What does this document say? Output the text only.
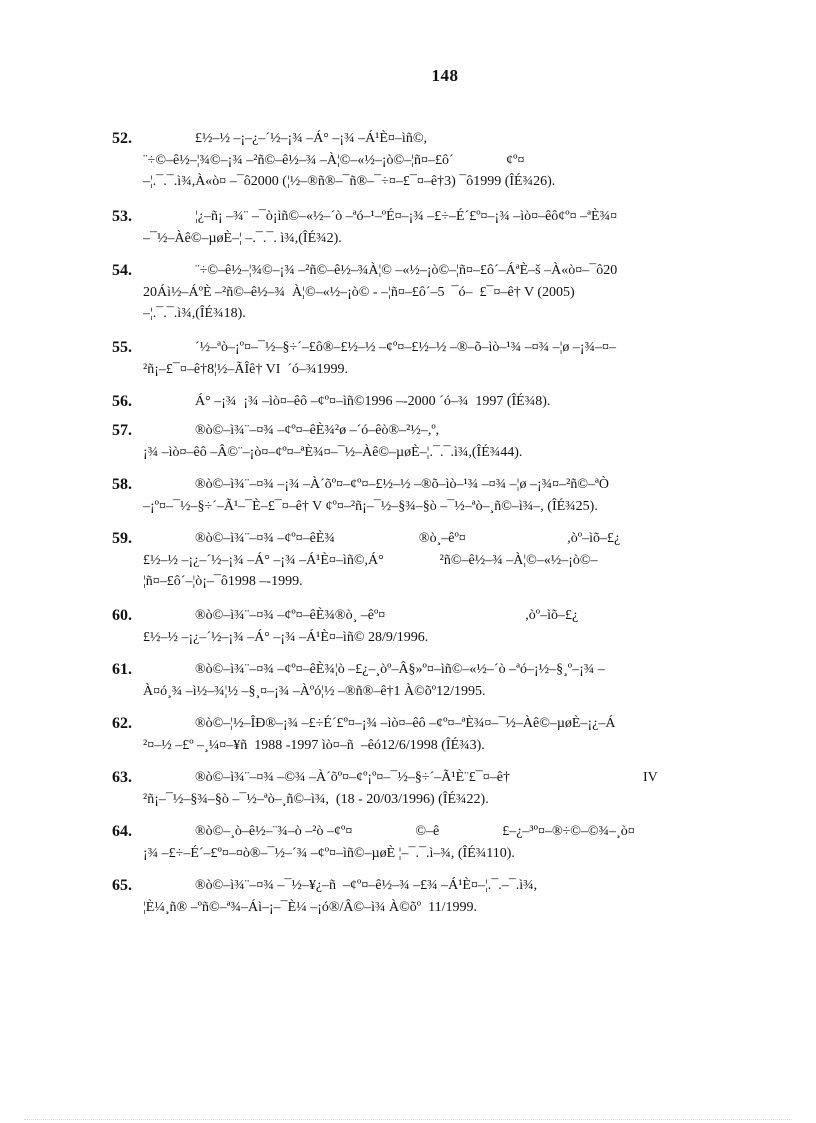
148
52.	£½–½ –¡–¿–´½–¡¾ –Á° –¡¾ –Á¹È¤–ìñ©,
¨÷©–ê½–¦¾©–¡¾ –²ñ©–ê½–¾ –À¦©–«½–¡ò©–¦ñ¤–£ô´               ¢º¤
–¦.¯.¯.ì¾,À«ò¤ –¯ô2000 (¦½–®ñ®–¯ñ®–¯÷¤–£¯¤–ê†3) ¯ô1999 (ÎÉ¾26).
53.	¦¿–ñ¡ –¾¨ –¯ò¡ìñ©–«½–´ò –ªó–¹–ºÉ¤–¡¾ –£÷–É´£º¤–¡¾ –ìò¤–êô¢º¤ –ªÈ¾¤
–¯½–Àê©–µøÈ–¦ –.¯.¯. ì¾,(ÎÉ¾2).
54.	¨÷©–ê½–¦¾©–¡¾ –²ñ©–ê½–¾À¦© –«½–¡ò©–¦ñ¤–£ô´–ÁªÈ–š –À«ò¤–¯ô20
20Áì½–ÁºÈ –²ñ©–ê½–¾  À¦©–«½–¡ò© - –¦ñ¤–£ô´–5  ¯ó–  £¯¤–ê† V (2005)
–¦.¯.¯.ì¾,(ÎÉ¾18).
55.	´½–ªò–¡º¤–¯½–§÷´–£ô®–£½–½ –¢º¤–£½–½ –®–õ–ìò–¹¾ –¤¾ –¦ø –¡¾–¤–
²ñ¡–£¯¤–ê†8¦½–ÃÎê† VI  ´ó–¾1999.
56.	Á° –¡¾  ¡¾ –ìò¤–êô –¢º¤–ìñ©1996 –-2000 ´ó–¾  1997 (ÎÉ¾8).
57.	®ò©–ì¾¨–¤¾ –¢º¤–êÈ¾²ø –´ó–êò®–²½–,º,
¡¾ –ìò¤–êô –Â©¨–¡ò¤–¢º¤–ªÈ¾¤–¯½–Àê©–µøÈ–¦.¯.¯.ì¾,(ÎÉ¾44).
58.	®ò©–ì¾¨–¤¾ –¡¾ –À´õº¤–¢º¤–£½–½ –®õ–ìò–¹¾ –¤¾ –¦ø –¡¾¤–²ñ©–ªÒ
–¡º¤–¯½–§÷´–Ã¹–¯È–£¯¤–ê† V ¢º¤–²ñ¡–¯½–§¾–§ò –¯½–ªò–¸ñ©–ì¾–, (ÎÉ¾25).
59.	®ò©–ì¾¨–¤¾ –¢º¤–êÈ¾                        ®ò¸–êº¤                             ,òº–ìõ–£¿
£½–½ –¡¿–´½–¡¾ –Á° –¡¾ –Á¹È¤–ìñ©,Á°                ²ñ©–ê½–¾ –À¦©–«½–¡ò©–
¦ñ¤–£ô´–¦ò¡–¯ô1998 –-1999.
60.	®ò©–ì¾¨–¤¾ –¢º¤–êÈ¾®ò¸ –êº¤                                        ,òº–ìõ–£¿
£½–½ –¡¿–´½–¡¾ –Á° –¡¾ –Á¹È¤–ìñ© 28/9/1996.
61.	®ò©–ì¾¨–¤¾ –¢º¤–êÈ¾¦ò –£¿–¸òº–Â§»º¤–ìñ©–«½–´ò –ªó–¡½–§¸º–¡¾ –
À¤ó¸¾ –ì½–¾¦½ –§¸¤–¡¾ –Àºó¦½ –®ñ®–ê†1 À©õº12/1995.
62.	®ò©–¦½–ÎÐ®–¡¾ –£÷É´£º¤–¡¾ –ìò¤–êô –¢º¤–ªÈ¾¤–¯½–Àê©–µøÈ–¡¿–Á
²¤–½ –£º –¸¼¤–¥ñ  1988 -1997 ìò¤–ñ  –êó12/6/1998 (ÎÉ¾3).
63.	®ò©–ì¾¨–¤¾ –©¾ –À´õº¤–¢º¡º¤–¯½–§÷´–Ã¹È¨£¯¤–ê†                                      IV
²ñ¡–¯½–§¾–§ò –¯½–ªò–¸ñ©–ì¾,  (18 - 20/03/1996) (ÎÉ¾22).
64.	®ò©–¸ò–ê½–¨¾–ò –²ò –¢º¤                  ©–ê                  £–¿–³º¤–®÷©–©¾–¸ò¤
¡¾ –£÷–É´–£º¤–¤ò®–¯½–´¾ –¢º¤–ìñ©–µøÈ ¦–¯.¯.ì–¾, (ÎÉ¾110).
65.	®ò©–ì¾¨–¤¾ –¯½–¥¿–ñ  –¢º¤–ê½–¾ –£¾ –Á¹È¤–¦.¯.–¯.ì¾,
¦È¼¸ñ® –ºñ©–ª¾–Áì–¡–¯È¼ –¡ó®/Â©–ì¾ À©õº  11/1999.
